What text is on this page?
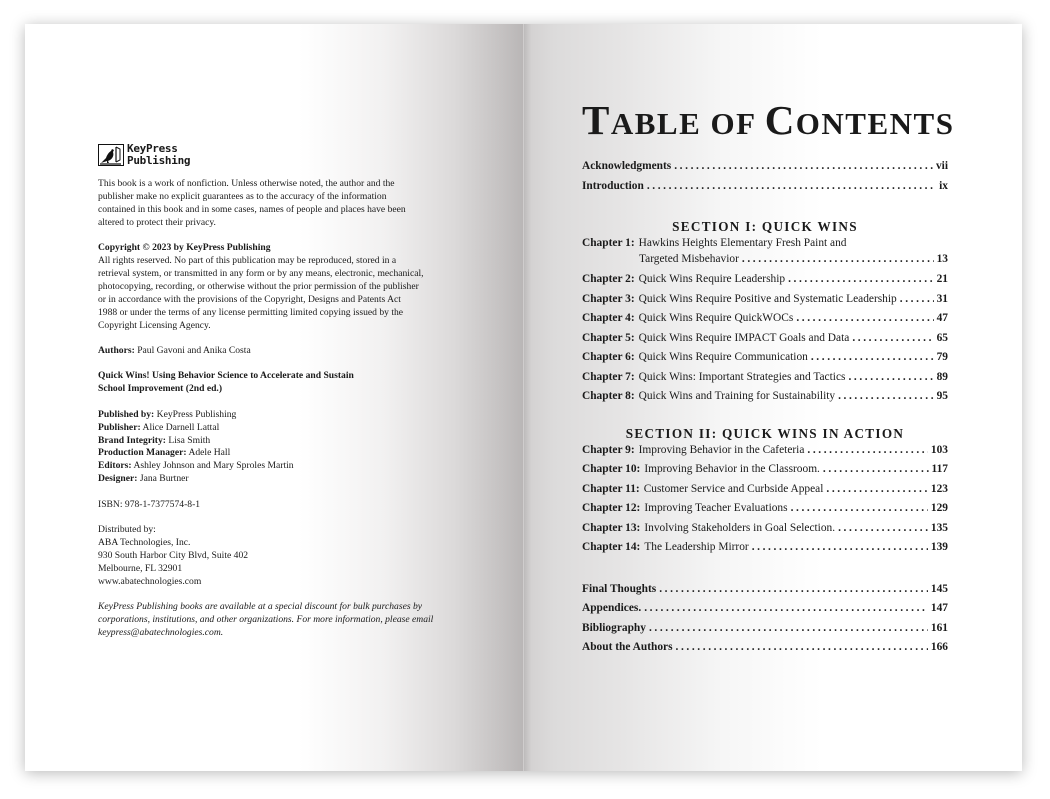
KeyPress
Publishing
This book is a work of nonfiction. Unless otherwise noted, the author and the
publisher make no explicit guarantees as to the accuracy of the information
contained in this book and in some cases, names of people and places have been
altered to protect their privacy.
Copyright © 2023 by KeyPress Publishing
All rights reserved. No part of this publication may be reproduced, stored in a
retrieval system, or transmitted in any form or by any means, electronic, mechanical,
photocopying, recording, or otherwise without the prior permission of the publisher
or in accordance with the provisions of the Copyright, Designs and Patents Act
1988 or under the terms of any license permitting limited copying issued by the
Copyright Licensing Agency.
Authors: Paul Gavoni and Anika Costa
Quick Wins! Using Behavior Science to Accelerate and Sustain
School Improvement (2nd ed.)
Published by: KeyPress Publishing
Publisher: Alice Darnell Lattal
Brand Integrity: Lisa Smith
Production Manager: Adele Hall
Editors: Ashley Johnson and Mary Sproles Martin
Designer: Jana Burtner
ISBN: 978-1-7377574-8-1
Distributed by:
ABA Technologies, Inc.
930 South Harbor City Blvd, Suite 402
Melbourne, FL 32901
www.abatechnologies.com
KeyPress Publishing books are available at a special discount for bulk purchases by
corporations, institutions, and other organizations. For more information, please email
keypress@abatechnologies.com.
TABLE OF CONTENTS
Acknowledgments .....	vii
Introduction .....	ix
SECTION I: QUICK WINS
Chapter 1: Hawkins Heights Elementary Fresh Paint and
Targeted Misbehavior .....	13
Chapter 2: Quick Wins Require Leadership .....	21
Chapter 3: Quick Wins Require Positive and Systematic Leadership .....	31
Chapter 4: Quick Wins Require QuickWOCs .....	47
Chapter 5: Quick Wins Require IMPACT Goals and Data .....	65
Chapter 6: Quick Wins Require Communication .....	79
Chapter 7: Quick Wins: Important Strategies and Tactics .....	89
Chapter 8: Quick Wins and Training for Sustainability .....	95
SECTION II: QUICK WINS IN ACTION
Chapter 9: Improving Behavior in the Cafeteria .....	103
Chapter 10: Improving Behavior in the Classroom. .....	117
Chapter 11: Customer Service and Curbside Appeal .....	123
Chapter 12: Improving Teacher Evaluations .....	129
Chapter 13: Involving Stakeholders in Goal Selection. .....	135
Chapter 14: The Leadership Mirror .....	139
Final Thoughts .....	145
Appendices. .....	147
Bibliography .....	161
About the Authors .....	166
